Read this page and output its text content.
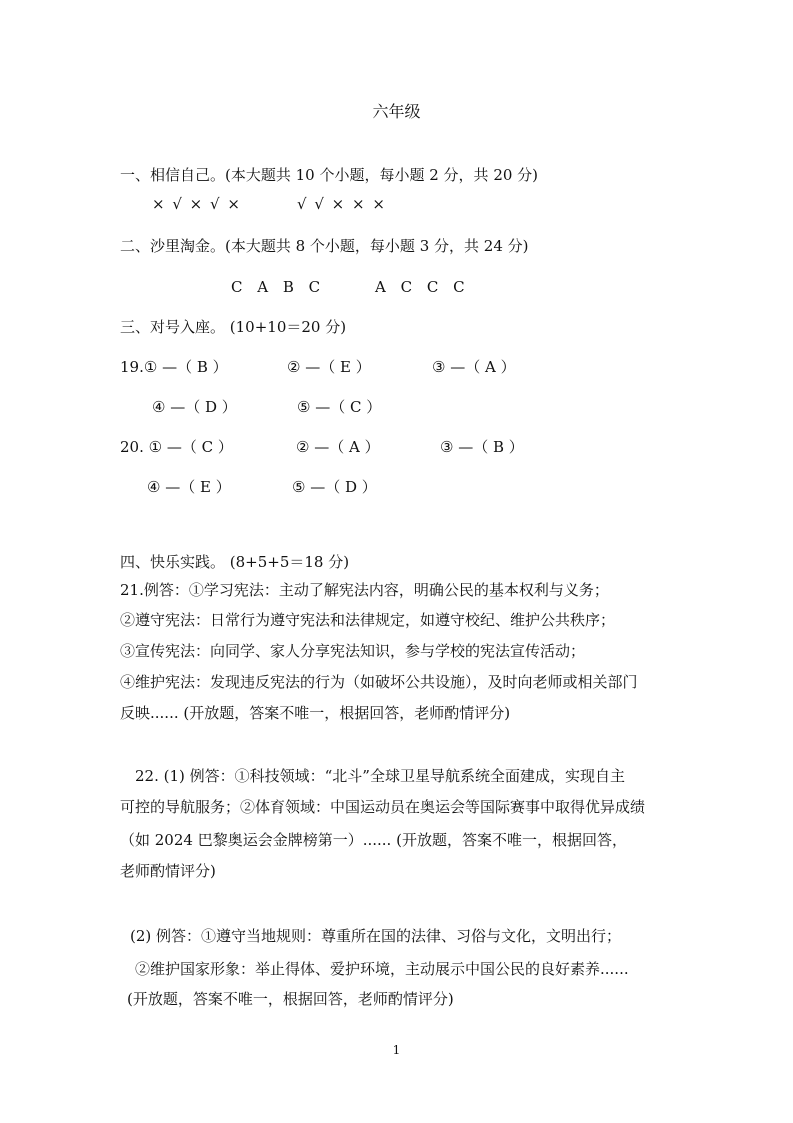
六年级
一、相信自己。(本大题共 10 个小题，每小题 2 分，共 20 分)
× √ × √ ×	√ √ × × ×
二、沙里淘金。(本大题共 8 个小题，每小题 3 分，共 24 分)
C A B C	A C C C
三、对号入座。 (10+10＝20 分)
19.① —（ B ）	② —（ E ）	③ —（ A ）
④ —（ D ）	⑤ —（ C ）
20. ① —（ C ）	② —（ A ）	③ —（ B ）
④ —（ E ）	⑤ —（ D ）
四、快乐实践。 (8+5+5＝18 分)
21.例答：①学习宪法：主动了解宪法内容，明确公民的基本权利与义务；
②遵守宪法：日常行为遵守宪法和法律规定，如遵守校纪、维护公共秩序；
③宣传宪法：向同学、家人分享宪法知识，参与学校的宪法宣传活动；
④维护宪法：发现违反宪法的行为（如破坏公共设施），及时向老师或相关部门
反映...... (开放题，答案不唯一，根据回答，老师酌情评分)
22. (1) 例答：①科技领域：“北斗”全球卫星导航系统全面建成，实现自主
可控的导航服务；②体育领域：中国运动员在奥运会等国际赛事中取得优异成绩
（如 2024 巴黎奥运会金牌榜第一）...... (开放题，答案不唯一，根据回答，
老师酌情评分)
(2) 例答：①遵守当地规则：尊重所在国的法律、习俗与文化，文明出行；
②维护国家形象：举止得体、爱护环境，主动展示中国公民的良好素养......
(开放题，答案不唯一，根据回答，老师酌情评分)
1
